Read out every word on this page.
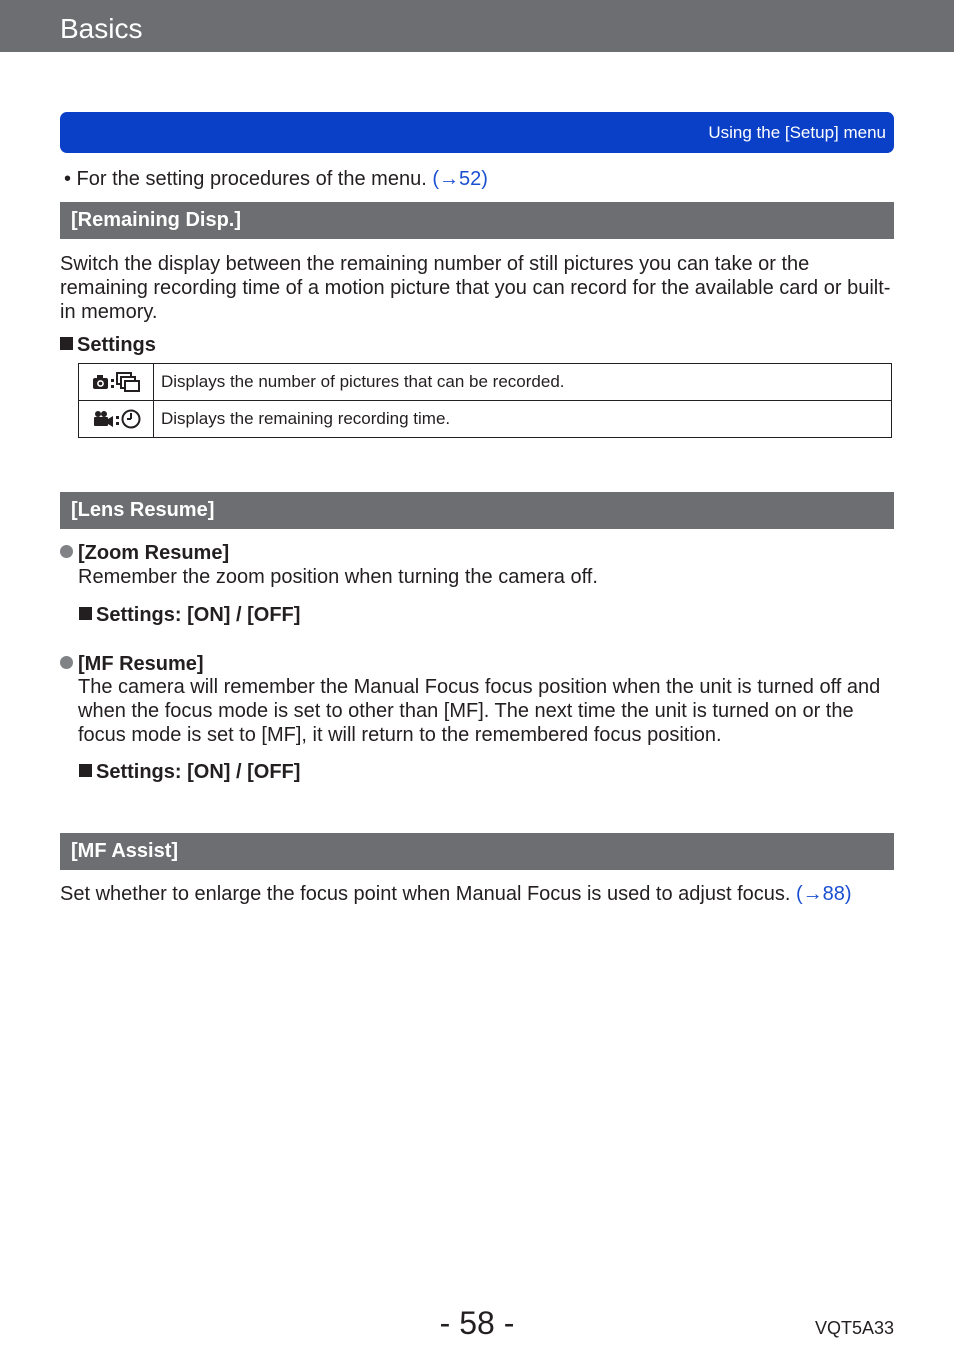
Basics
Using the [Setup] menu
• For the setting procedures of the menu. (→52)
[Remaining Disp.]
Switch the display between the remaining number of still pictures you can take or the remaining recording time of a motion picture that you can record for the available card or built-in memory.
Settings
	Displays the number of pictures that can be recorded.
	Displays the remaining recording time.
[Lens Resume]
[Zoom Resume]
Remember the zoom position when turning the camera off.
Settings: [ON] / [OFF]
[MF Resume]
The camera will remember the Manual Focus focus position when the unit is turned off and when the focus mode is set to other than [MF]. The next time the unit is turned on or the focus mode is set to [MF], it will return to the remembered focus position.
Settings: [ON] / [OFF]
[MF Assist]
Set whether to enlarge the focus point when Manual Focus is used to adjust focus. (→88)
- 58 -	VQT5A33
